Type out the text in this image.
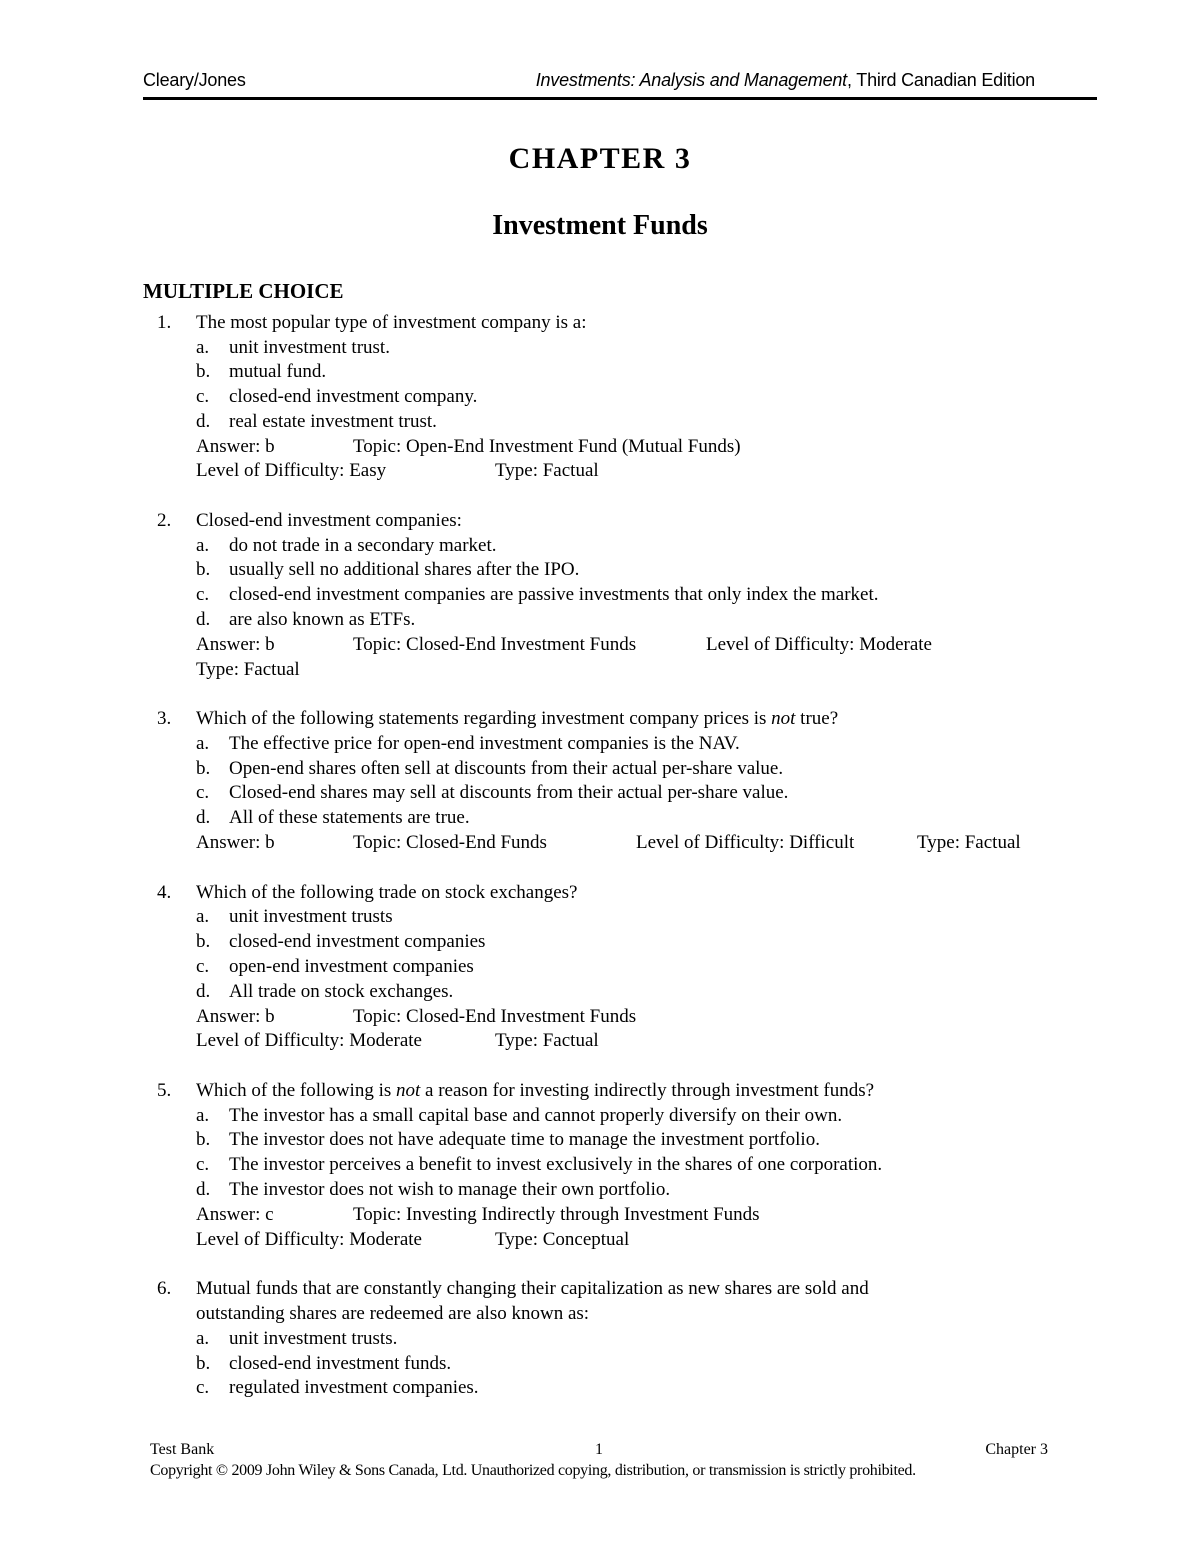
Cleary/Jones	Investments: Analysis and Management, Third Canadian Edition
CHAPTER 3
Investment Funds
MULTIPLE CHOICE
1. The most popular type of investment company is a:
a. unit investment trust.
b. mutual fund.
c. closed-end investment company.
d. real estate investment trust.
Answer: b	Topic: Open-End Investment Fund (Mutual Funds)
Level of Difficulty: Easy	Type: Factual
2. Closed-end investment companies:
a. do not trade in a secondary market.
b. usually sell no additional shares after the IPO.
c. closed-end investment companies are passive investments that only index the market.
d. are also known as ETFs.
Answer: b	Topic: Closed-End Investment Funds	Level of Difficulty: Moderate
Type: Factual
3. Which of the following statements regarding investment company prices is not true?
a. The effective price for open-end investment companies is the NAV.
b. Open-end shares often sell at discounts from their actual per-share value.
c. Closed-end shares may sell at discounts from their actual per-share value.
d. All of these statements are true.
Answer: b	Topic: Closed-End Funds	Level of Difficulty: Difficult	Type: Factual
4. Which of the following trade on stock exchanges?
a. unit investment trusts
b. closed-end investment companies
c. open-end investment companies
d. All trade on stock exchanges.
Answer: b	Topic: Closed-End Investment Funds
Level of Difficulty: Moderate	Type: Factual
5. Which of the following is not a reason for investing indirectly through investment funds?
a. The investor has a small capital base and cannot properly diversify on their own.
b. The investor does not have adequate time to manage the investment portfolio.
c. The investor perceives a benefit to invest exclusively in the shares of one corporation.
d. The investor does not wish to manage their own portfolio.
Answer: c	Topic: Investing Indirectly through Investment Funds
Level of Difficulty: Moderate	Type: Conceptual
6. Mutual funds that are constantly changing their capitalization as new shares are sold and
outstanding shares are redeemed are also known as:
a. unit investment trusts.
b. closed-end investment funds.
c. regulated investment companies.
Test Bank	1	Chapter 3
Copyright © 2009 John Wiley & Sons Canada, Ltd. Unauthorized copying, distribution, or transmission is strictly prohibited.
